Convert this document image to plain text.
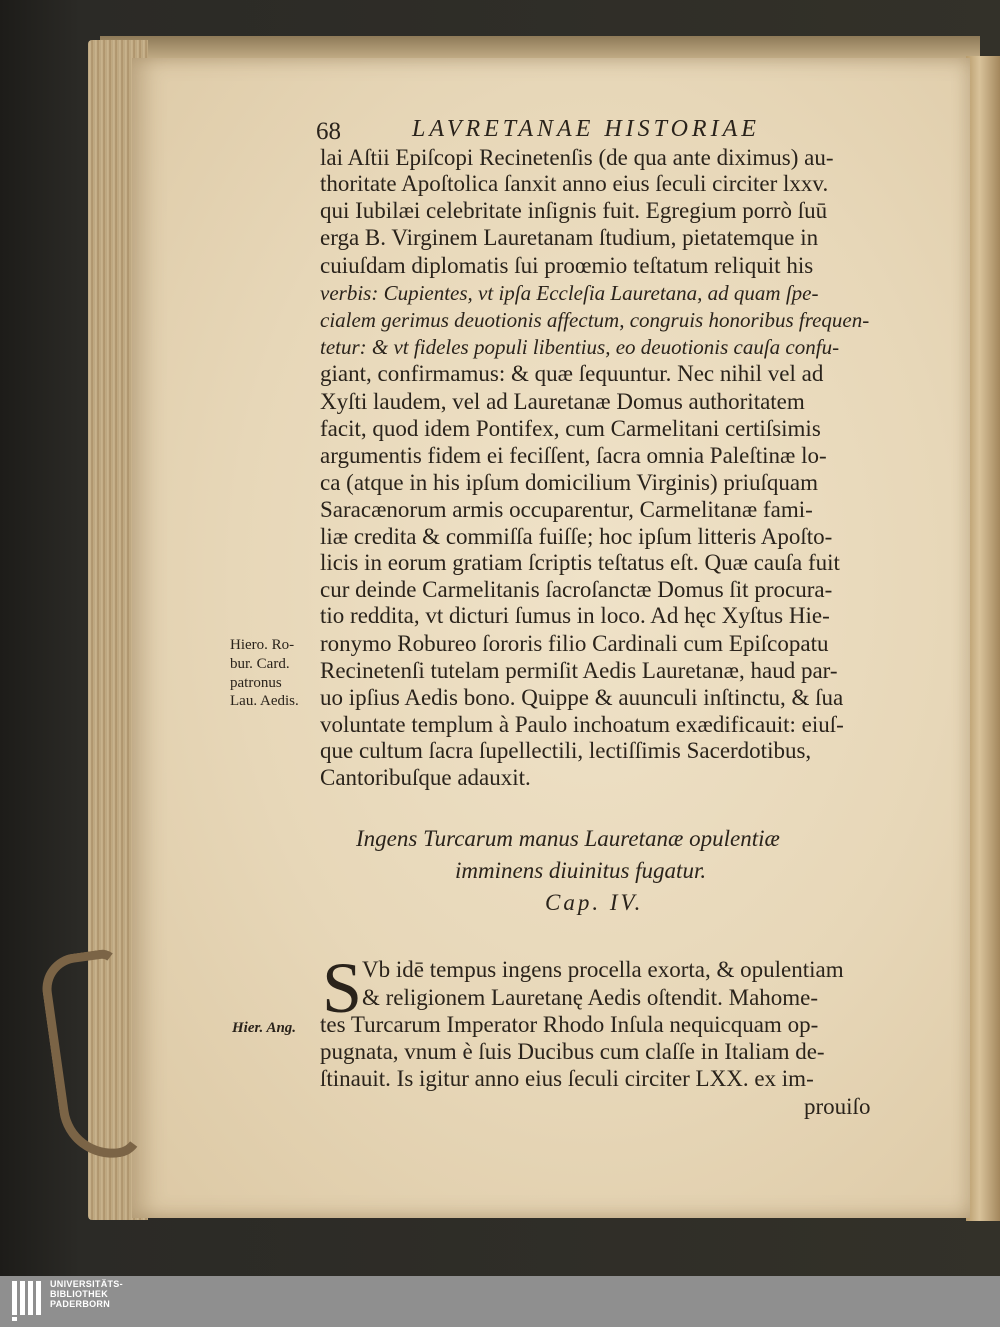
68	LAVRETANAE HISTORIAE
lai Aſtii Epiſcopi Recinetenſis (de qua ante diximus) au-
thoritate Apoſtolica ſanxit anno eius ſeculi circiter lxxv.
qui Iubilæi celebritate inſignis fuit. Egregium porrò ſuū
erga B. Virginem Lauretanam ſtudium, pietatemque in
cuiuſdam diplomatis ſui proœmio teſtatum reliquit his
verbis: Cupientes, vt ipſa Eccleſia Lauretana, ad quam ſpe-
cialem gerimus deuotionis affectum, congruis honoribus frequen-
tetur: & vt fideles populi libentius, eo deuotionis cauſa confu-
giant, confirmamus: & quæ ſequuntur. Nec nihil vel ad
Xyſti laudem, vel ad Lauretanæ Domus authoritatem
facit, quod idem Pontifex, cum Carmelitani certiſsimis
argumentis fidem ei feciſſent, ſacra omnia Paleſtinæ lo-
ca (atque in his ipſum domicilium Virginis) priuſquam
Saracænorum armis occuparentur, Carmelitanæ fami-
liæ credita & commiſſa fuiſſe; hoc ipſum litteris Apoſto-
licis in eorum gratiam ſcriptis teſtatus eſt. Quæ cauſa fuit
cur deinde Carmelitanis ſacroſanctæ Domus ſit procura-
tio reddita, vt dicturi ſumus in loco. Ad hęc Xyſtus Hie-
ronymo Robureo ſororis filio Cardinali cum Epiſcopatu
Recinetenſi tutelam permiſit Aedis Lauretanæ, haud par-
uo ipſius Aedis bono. Quippe & auunculi inſtinctu, & ſua
voluntate templum à Paulo inchoatum exædificauit: eiuſ-
que cultum ſacra ſupellectili, lectiſſimis Sacerdotibus,
Cantoribuſque adauxit.
Hiero. Ro-
bur. Card.
patronus
Lau. Aedis.
Ingens Turcarum manus Lauretanæ opulentiæ
imminens diuinitus fugatur.
Cap. IV.
S Vb idē tempus ingens procella exorta, & opulentiam
& religionem Lauretanę Aedis oſtendit. Mahome-
tes Turcarum Imperator Rhodo Inſula nequicquam op-
pugnata, vnum è ſuis Ducibus cum claſſe in Italiam de-
ſtinauit. Is igitur anno eius ſeculi circiter LXX. ex im-
Hier. Ang.
prouiſo
UNIVERSITÄTS-
BIBLIOTHEK
PADERBORN
